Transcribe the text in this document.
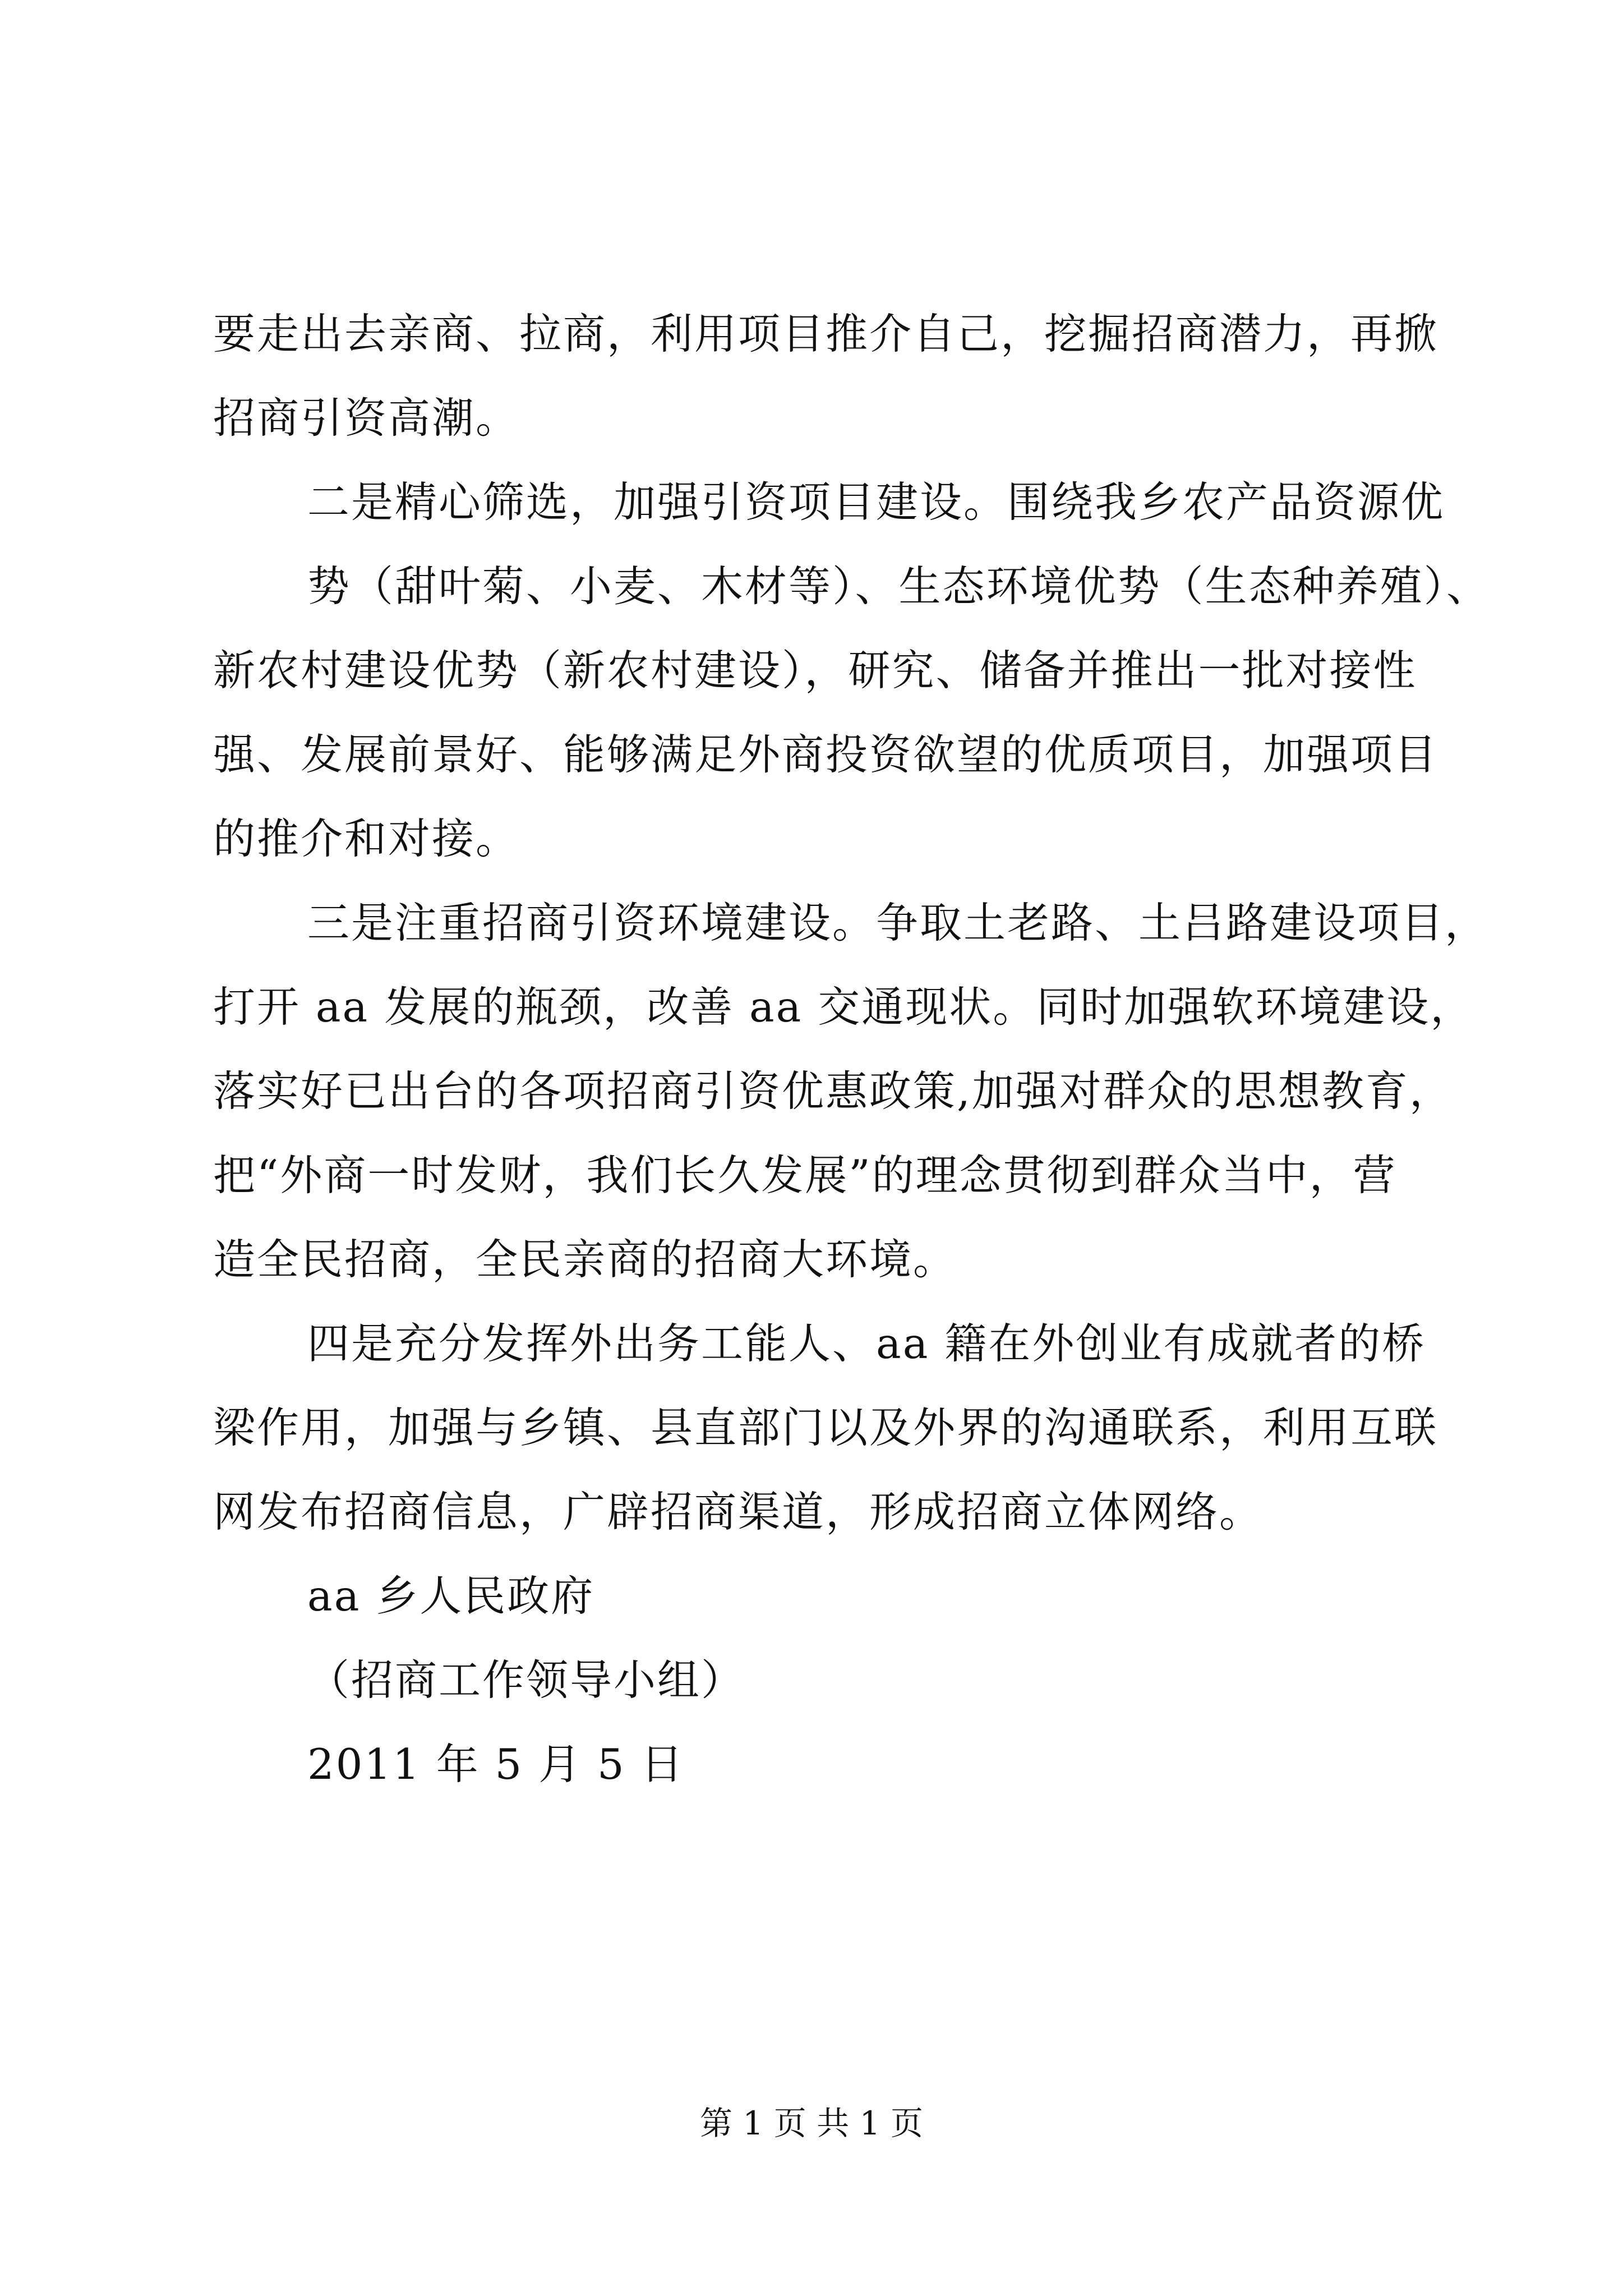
要走出去亲商、拉商，利用项目推介自己，挖掘招商潜力，再掀
招商引资高潮。
二是精心筛选，加强引资项目建设。围绕我乡农产品资源优
势（甜叶菊、小麦、木材等）、生态环境优势（生态种养殖）、
新农村建设优势（新农村建设），研究、储备并推出一批对接性
强、发展前景好、能够满足外商投资欲望的优质项目，加强项目
的推介和对接。
三是注重招商引资环境建设。争取土老路、土吕路建设项目，
打开 aa 发展的瓶颈，改善 aa 交通现状。同时加强软环境建设，
落实好已出台的各项招商引资优惠政策,加强对群众的思想教育，
把“外商一时发财，我们长久发展”的理念贯彻到群众当中，营
造全民招商，全民亲商的招商大环境。
四是充分发挥外出务工能人、aa 籍在外创业有成就者的桥
梁作用，加强与乡镇、县直部门以及外界的沟通联系，利用互联
网发布招商信息，广辟招商渠道，形成招商立体网络。
aa 乡人民政府
（招商工作领导小组）
2011 年 5 月 5 日
第 1 页 共 1 页
